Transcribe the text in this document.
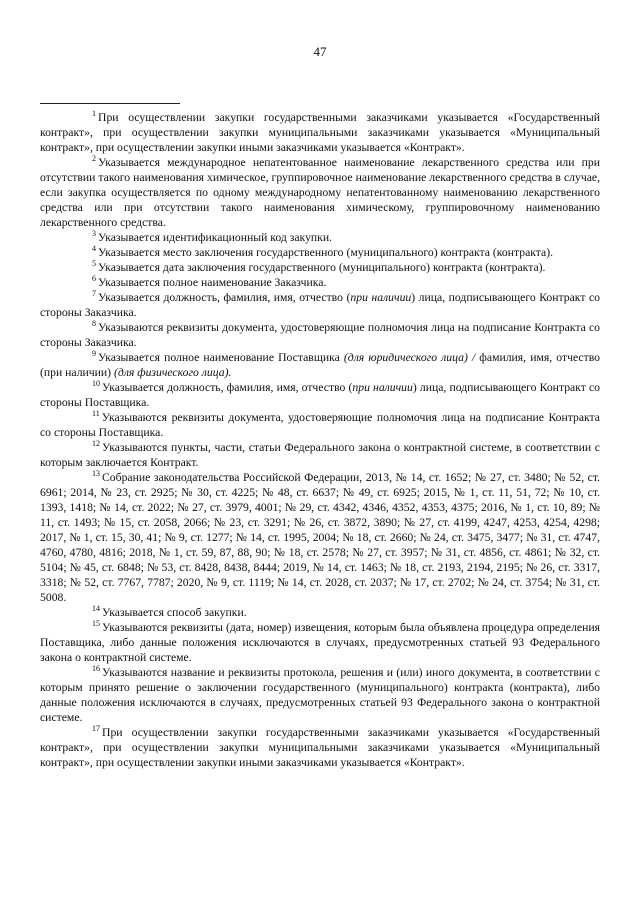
47

$^1$ При осуществлении закупки государственными заказчиками указывается «Государственный контракт», при осуществлении закупки муниципальными заказчиками указывается «Муниципальный контракт», при осуществлении закупки иными заказчиками указывается «Контракт».

$^2$ Указывается международное непатентованное наименование лекарственного средства или при отсутствии такого наименования химическое, группировочное наименование лекарственного средства в случае, если закупка осуществляется по одному международному непатентованному наименованию лекарственного средства или при отсутствии такого наименования химическому, группировочному наименованию лекарственного средства.

$^3$ Указывается идентификационный код закупки.

$^4$ Указывается место заключения государственного (муниципального) контракта (контракта).

$^5$ Указывается дата заключения государственного (муниципального) контракта (контракта).

$^6$ Указывается полное наименование Заказчика.

$^7$ Указывается должность, фамилия, имя, отчество (при наличии) лица, подписывающего Контракт со стороны Заказчика.

$^8$ Указываются реквизиты документа, удостоверяющие полномочия лица на подписание Контракта со стороны Заказчика.

$^9$ Указывается полное наименование Поставщика (для юридического лица) / фамилия, имя, отчество (при наличии) (для физического лица).

$^{10}$ Указывается должность, фамилия, имя, отчество (при наличии) лица, подписывающего Контракт со стороны Поставщика.

$^{11}$ Указываются реквизиты документа, удостоверяющие полномочия лица на подписание Контракта со стороны Поставщика.

$^{12}$ Указываются пункты, части, статьи Федерального закона о контрактной системе, в соответствии с которым заключается Контракт.

$^{13}$ Собрание законодательства Российской Федерации, 2013, № 14, ст. 1652; № 27, ст. 3480; № 52, ст. 6961; 2014, № 23, ст. 2925; № 30, ст. 4225; № 48, ст. 6637; № 49, ст. 6925; 2015, № 1, ст. 11, 51, 72; № 10, ст. 1393, 1418; № 14, ст. 2022; № 27, ст. 3979, 4001; № 29, ст. 4342, 4346, 4352, 4353, 4375; 2016, № 1, ст. 10, 89; № 11, ст. 1493; № 15, ст. 2058, 2066; № 23, ст. 3291; № 26, ст. 3872, 3890; № 27, ст. 4199, 4247, 4253, 4254, 4298; 2017, № 1, ст. 15, 30, 41; № 9, ст. 1277; № 14, ст. 1995, 2004; № 18, ст. 2660; № 24, ст. 3475, 3477; № 31, ст. 4747, 4760, 4780, 4816; 2018, № 1, ст. 59, 87, 88, 90; № 18, ст. 2578; № 27, ст. 3957; № 31, ст. 4856, ст. 4861; № 32, ст. 5104; № 45, ст. 6848; № 53, ст. 8428, 8438, 8444; 2019, № 14, ст. 1463; № 18, ст. 2193, 2194, 2195; № 26, ст. 3317, 3318; № 52, ст. 7767, 7787; 2020, № 9, ст. 1119; № 14, ст. 2028, ст. 2037; № 17, ст. 2702; № 24, ст. 3754; № 31, ст. 5008.

$^{14}$ Указывается способ закупки.

$^{15}$ Указываются реквизиты (дата, номер) извещения, которым была объявлена процедура определения Поставщика, либо данные положения исключаются в случаях, предусмотренных статьей 93 Федерального закона о контрактной системе.

$^{16}$ Указываются название и реквизиты протокола, решения и (или) иного документа, в соответствии с которым принято решение о заключении государственного (муниципального) контракта (контракта), либо данные положения исключаются в случаях, предусмотренных статьей 93 Федерального закона о контрактной системе.

$^{17}$ При осуществлении закупки государственными заказчиками указывается «Государственный контракт», при осуществлении закупки муниципальными заказчиками указывается «Муниципальный контракт», при осуществлении закупки иными заказчиками указывается «Контракт».
